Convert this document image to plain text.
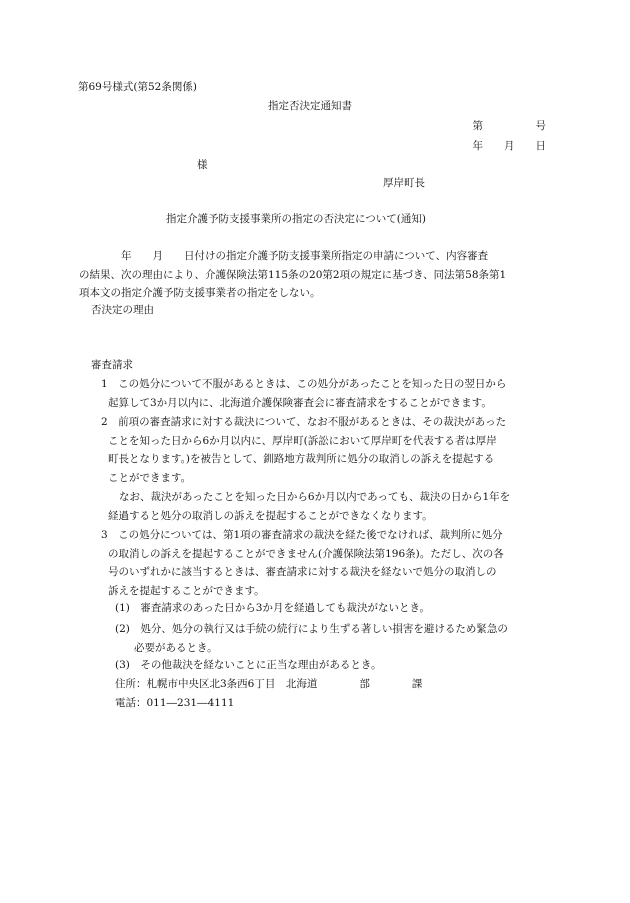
第69号様式(第52条関係)
指定否決定通知書
第　　　　　号
年　　月　　日
様
厚岸町長
指定介護予防支援事業所の指定の否決定について(通知)
　　　　年　　月　　日付けの指定介護予防支援事業所指定の申請について、内容審査
の結果、次の理由により、介護保険法第115条の20第2項の規定に基づき、同法第58条第1
項本文の指定介護予防支援事業者の指定をしない。
否決定の理由
審査請求
1　この処分について不服があるときは、この処分があったことを知った日の翌日から
起算して3か月以内に、北海道介護保険審査会に審査請求をすることができます。
2　前項の審査請求に対する裁決について、なお不服があるときは、その裁決があった
ことを知った日から6か月以内に、厚岸町(訴訟において厚岸町を代表する者は厚岸
町長となります。)を被告として、釧路地方裁判所に処分の取消しの訴えを提起する
ことができます。
なお、裁決があったことを知った日から6か月以内であっても、裁決の日から1年を
経過すると処分の取消しの訴えを提起することができなくなります。
3　この処分については、第1項の審査請求の裁決を経た後でなければ、裁判所に処分
の取消しの訴えを提起することができません(介護保険法第196条)。ただし、次の各
号のいずれかに該当するときは、審査請求に対する裁決を経ないで処分の取消しの
訴えを提起することができます。
(1)　審査請求のあった日から3か月を経過しても裁決がないとき。
(2)　処分、処分の執行又は手続の続行により生ずる著しい損害を避けるため緊急の
必要があるとき。
(3)　その他裁決を経ないことに正当な理由があるとき。
住所：札幌市中央区北3条西6丁目　北海道　　　　部　　　　課
電話：011―231―4111
